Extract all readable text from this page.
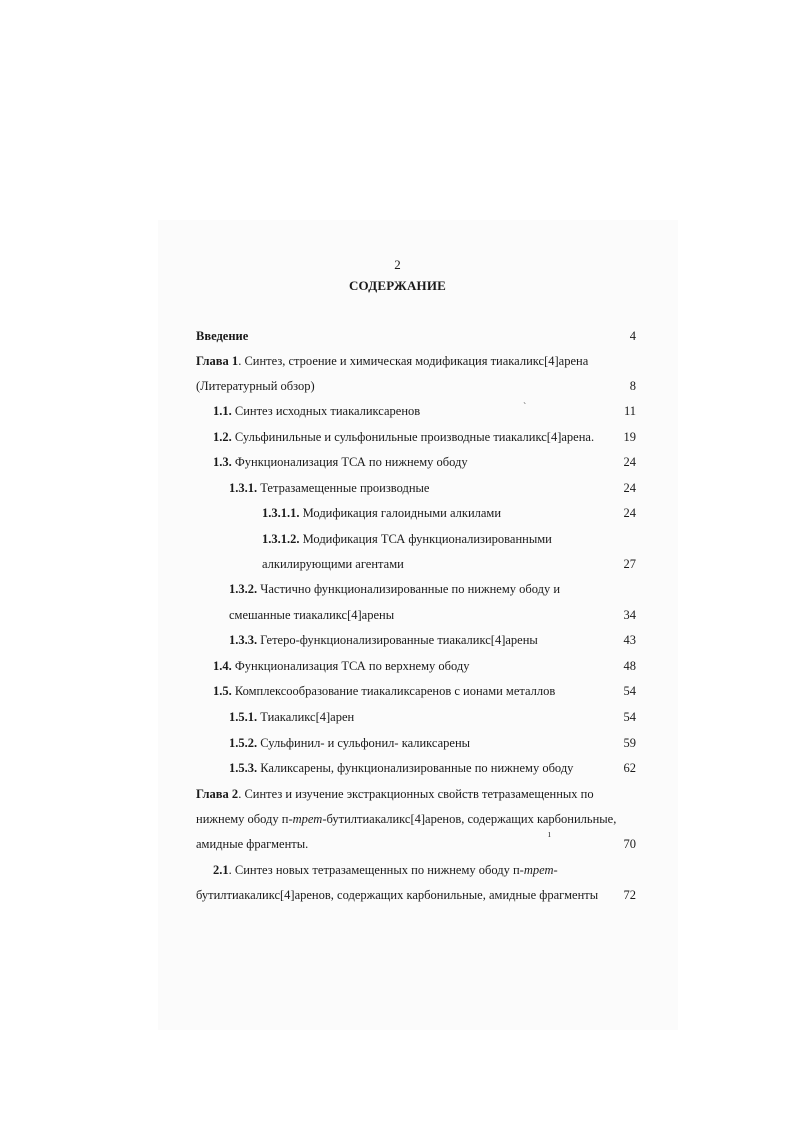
2
СОДЕРЖАНИЕ
Введение	4
Глава 1. Синтез, строение и химическая модификация тиакаликс[4]арена
(Литературный обзор)	8
1.1. Синтез исходных тиакаликсаренов	11
`
1.2. Сульфинильные и сульфонильные производные тиакаликс[4]арена.	19
1.3. Функционализация ТСА по нижнему ободу	24
1.3.1. Тетразамещенные производные	24
1.3.1.1. Модификация галоидными алкилами	24
1.3.1.2. Модификация ТСА функционализированными
алкилирующими агентами	27
1.3.2. Частично функционализированные по нижнему ободу и
смешанные тиакаликс[4]арены	34
1.3.3. Гетеро-функционализированные тиакаликс[4]арены	43
1.4. Функционализация ТСА по верхнему ободу	48
1.5. Комплексообразование тиакаликсаренов с ионами металлов	54
1.5.1. Тиакаликс[4]арен	54
1.5.2. Сульфинил- и сульфонил- каликсарены	59
1.5.3. Каликсарены, функционализированные по нижнему ободу	62
Глава 2. Синтез и изучение экстракционных свойств тетразамещенных по
нижнему ободу п-трет-бутилтиакаликс[4]аренов, содержащих карбонильные,
амидные фрагменты.	70
ı
2.1. Синтез новых тетразамещенных по нижнему ободу п-трет-
бутилтиакаликс[4]аренов, содержащих карбонильные, амидные фрагменты	72
